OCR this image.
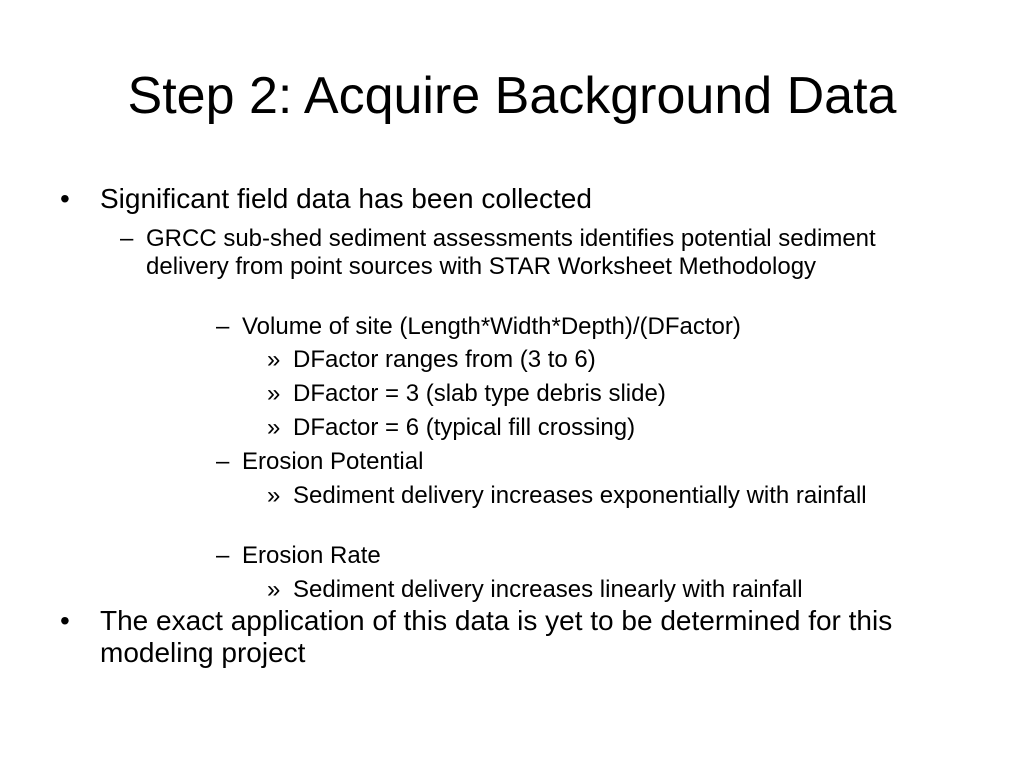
Step 2: Acquire Background Data
• Significant field data has been collected
– GRCC sub-shed sediment assessments identifies potential sediment delivery from point sources with STAR Worksheet Methodology
– Volume of site (Length*Width*Depth)/(DFactor)
» DFactor ranges from (3 to 6)
» DFactor = 3 (slab type debris slide)
» DFactor = 6 (typical fill crossing)
– Erosion Potential
» Sediment delivery increases exponentially with rainfall
– Erosion Rate
» Sediment delivery increases linearly with rainfall
• The exact application of this data is yet to be determined for this modeling project
